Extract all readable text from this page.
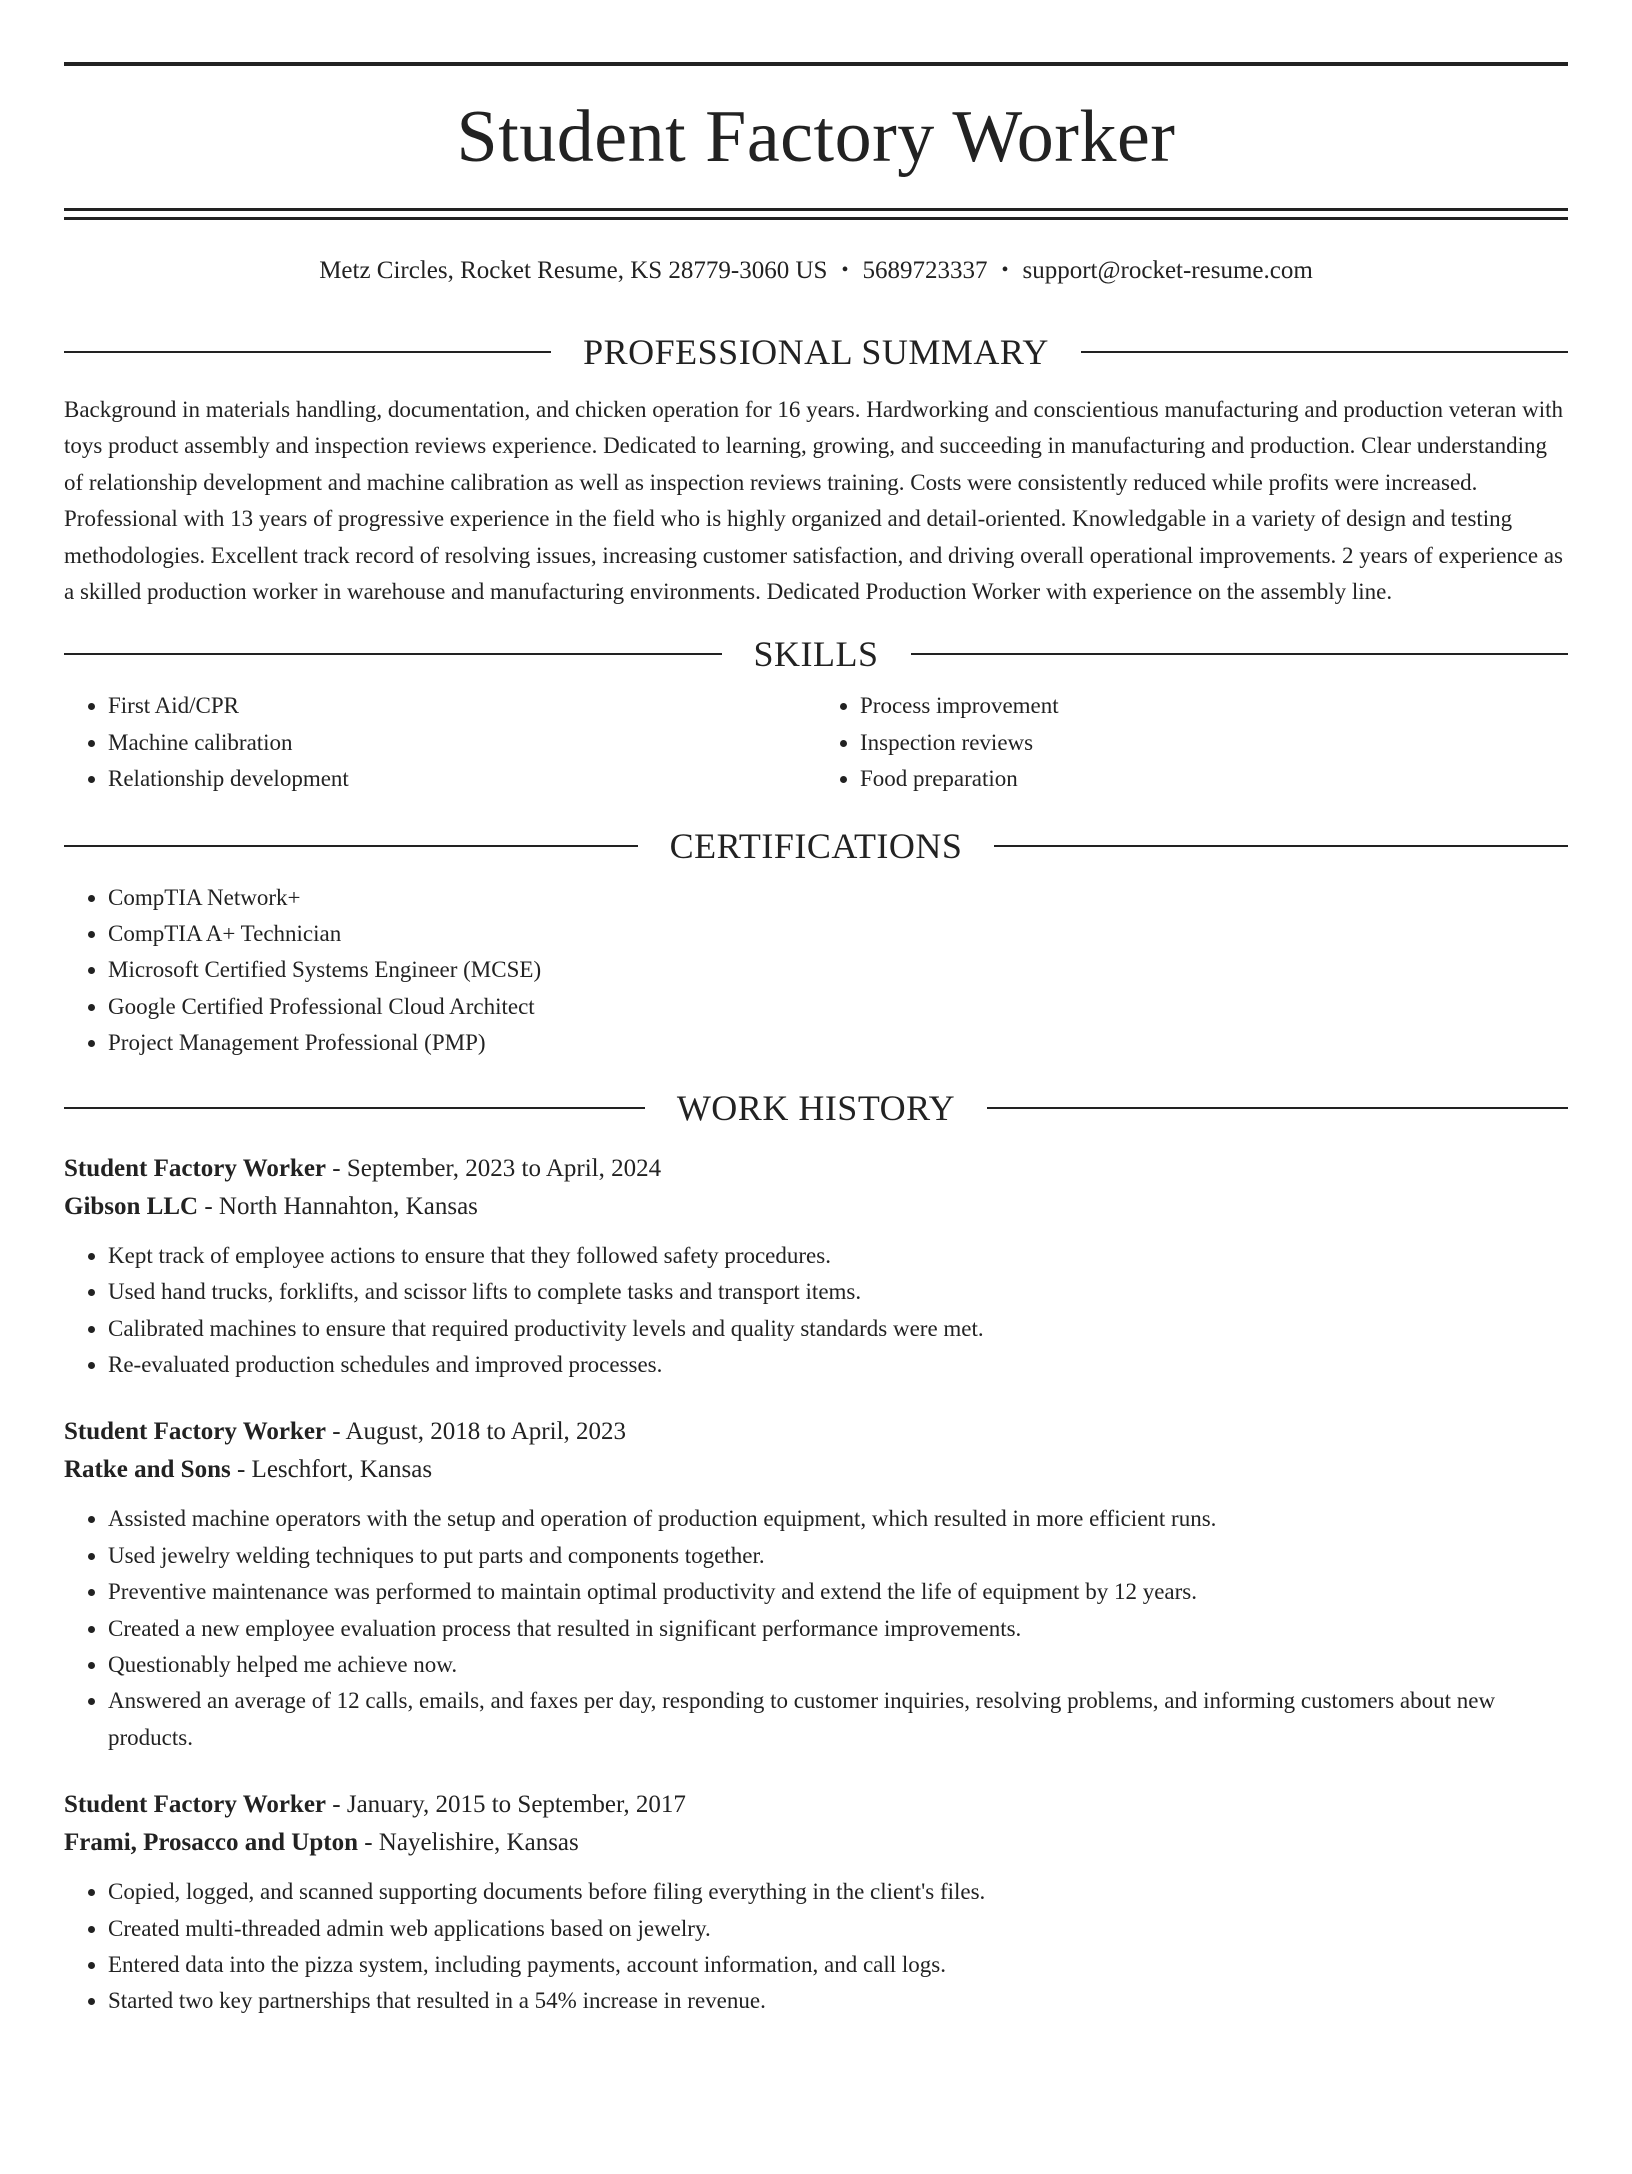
Student Factory Worker

Metz Circles, Rocket Resume, KS 28779-3060 US • 5689723337 • support@rocket-resume.com

PROFESSIONAL SUMMARY

Background in materials handling, documentation, and chicken operation for 16 years. Hardworking and conscientious manufacturing and production veteran with toys product assembly and inspection reviews experience. Dedicated to learning, growing, and succeeding in manufacturing and production. Clear understanding of relationship development and machine calibration as well as inspection reviews training. Costs were consistently reduced while profits were increased. Professional with 13 years of progressive experience in the field who is highly organized and detail-oriented. Knowledgable in a variety of design and testing methodologies. Excellent track record of resolving issues, increasing customer satisfaction, and driving overall operational improvements. 2 years of experience as a skilled production worker in warehouse and manufacturing environments. Dedicated Production Worker with experience on the assembly line.

SKILLS
• First Aid/CPR
• Machine calibration
• Relationship development
• Process improvement
• Inspection reviews
• Food preparation
CERTIFICATIONS
• CompTIA Network+
• CompTIA A+ Technician
• Microsoft Certified Systems Engineer (MCSE)
• Google Certified Professional Cloud Architect
• Project Management Professional (PMP)
WORK HISTORY

Student Factory Worker - September, 2023 to April, 2024

Gibson LLC - North Hannahton, Kansas

• Kept track of employee actions to ensure that they followed safety procedures.
• Used hand trucks, forklifts, and scissor lifts to complete tasks and transport items.
• Calibrated machines to ensure that required productivity levels and quality standards were met.
• Re-evaluated production schedules and improved processes.

Student Factory Worker - August, 2018 to April, 2023

Ratke and Sons - Leschfort, Kansas

• Assisted machine operators with the setup and operation of production equipment, which resulted in more efficient runs.
• Used jewelry welding techniques to put parts and components together.
• Preventive maintenance was performed to maintain optimal productivity and extend the life of equipment by 12 years.
• Created a new employee evaluation process that resulted in significant performance improvements.
• Questionably helped me achieve now.
• Answered an average of 12 calls, emails, and faxes per day, responding to customer inquiries, resolving problems, and informing customers about new products.

Student Factory Worker - January, 2015 to September, 2017

Frami, Prosacco and Upton - Nayelishire, Kansas

• Copied, logged, and scanned supporting documents before filing everything in the client's files.
• Created multi-threaded admin web applications based on jewelry.
• Entered data into the pizza system, including payments, account information, and call logs.
• Started two key partnerships that resulted in a 54% increase in revenue.
